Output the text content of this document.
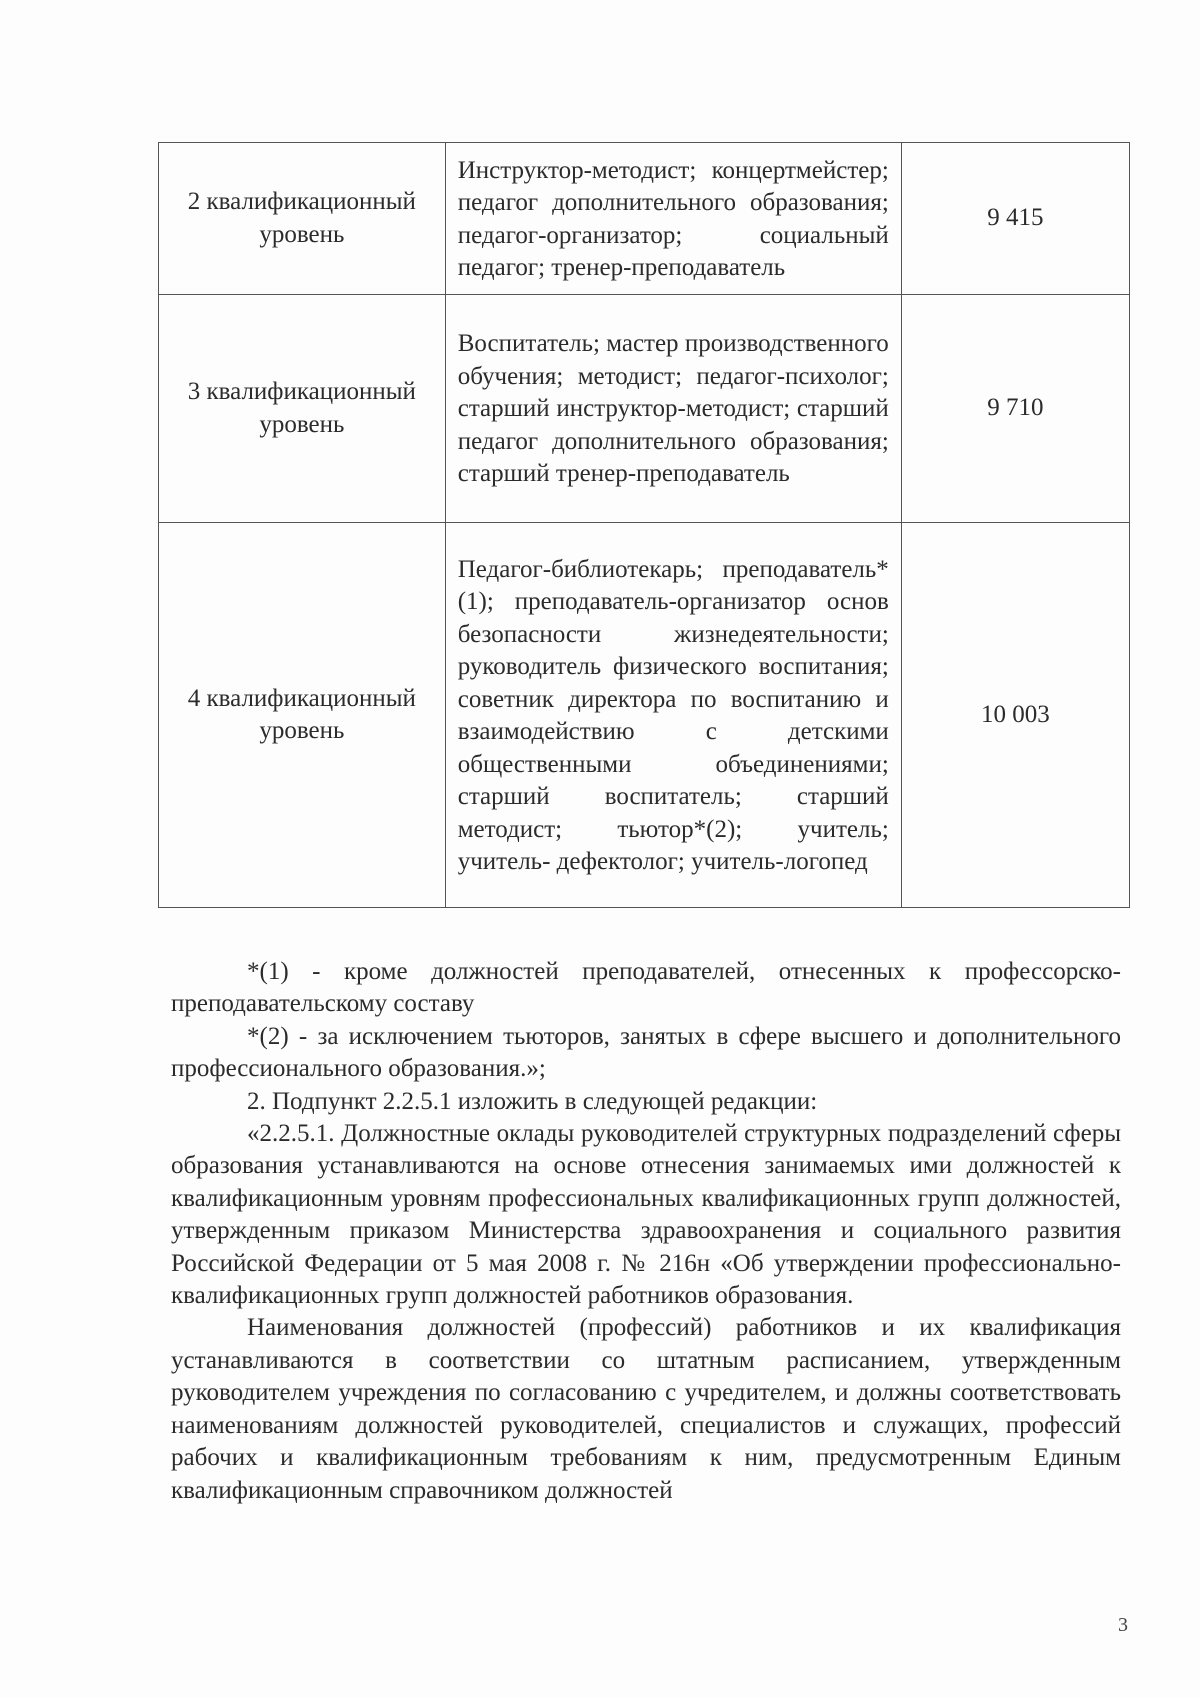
2 квалификационный уровень	Инструктор-методист; концертмейстер; педагог дополнительного образования; педагог-организатор; социальный педагог; тренер-преподаватель	9 415

3 квалификационный уровень	Воспитатель; мастер производственного обучения; методист; педагог-психолог; старший инструктор-методист; старший педагог дополнительного образования; старший тренер-преподаватель	9 710

4 квалификационный уровень	Педагог-библиотекарь; преподаватель*(1); преподаватель-организатор основ безопасности жизнедеятельности; руководитель физического воспитания; советник директора по воспитанию и взаимодействию с детскими общественными объединениями; старший воспитатель; старший методист; тьютор*(2); учитель; учитель- дефектолог; учитель-логопед	10 003

*(1) - кроме должностей преподавателей, отнесенных к профессорско-преподавательскому составу

*(2) - за исключением тьюторов, занятых в сфере высшего и дополнительного профессионального образования.»;

2. Подпункт 2.2.5.1 изложить в следующей редакции:

«2.2.5.1. Должностные оклады руководителей структурных подразделений сферы образования устанавливаются на основе отнесения занимаемых ими должностей к квалификационным уровням профессиональных квалификационных групп должностей, утвержденным приказом Министерства здравоохранения и социального развития Российской Федерации от 5 мая 2008 г. № 216н «Об утверждении профессионально-квалификационных групп должностей работников образования.

Наименования должностей (профессий) работников и их квалификация устанавливаются в соответствии со штатным расписанием, утвержденным руководителем учреждения по согласованию с учредителем, и должны соответствовать наименованиям должностей руководителей, специалистов и служащих, профессий рабочих и квалификационным требованиям к ним, предусмотренным Единым квалификационным справочником должностей

3
